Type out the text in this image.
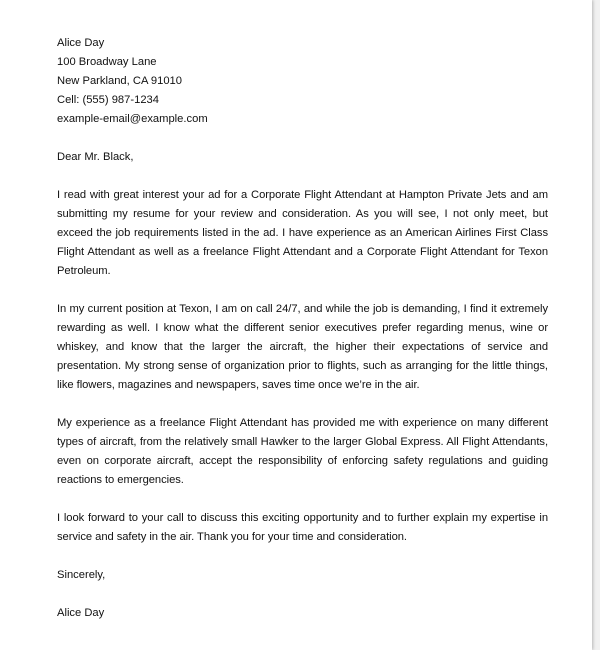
Alice Day
100 Broadway Lane
New Parkland, CA 91010
Cell: (555) 987-1234
example-email@example.com
Dear Mr. Black,

I read with great interest your ad for a Corporate Flight Attendant at Hampton Private Jets and am submitting my resume for your review and consideration. As you will see, I not only meet, but exceed the job requirements listed in the ad. I have experience as an American Airlines First Class Flight Attendant as well as a freelance Flight Attendant and a Corporate Flight Attendant for Texon Petroleum.

In my current position at Texon, I am on call 24/7, and while the job is demanding, I find it extremely rewarding as well. I know what the different senior executives prefer regarding menus, wine or whiskey, and know that the larger the aircraft, the higher their expectations of service and presentation. My strong sense of organization prior to flights, such as arranging for the little things, like flowers, magazines and newspapers, saves time once we’re in the air.

My experience as a freelance Flight Attendant has provided me with experience on many different types of aircraft, from the relatively small Hawker to the larger Global Express. All Flight Attendants, even on corporate aircraft, accept the responsibility of enforcing safety regulations and guiding reactions to emergencies.

I look forward to your call to discuss this exciting opportunity and to further explain my expertise in service and safety in the air. Thank you for your time and consideration.

Sincerely,
Alice Day
